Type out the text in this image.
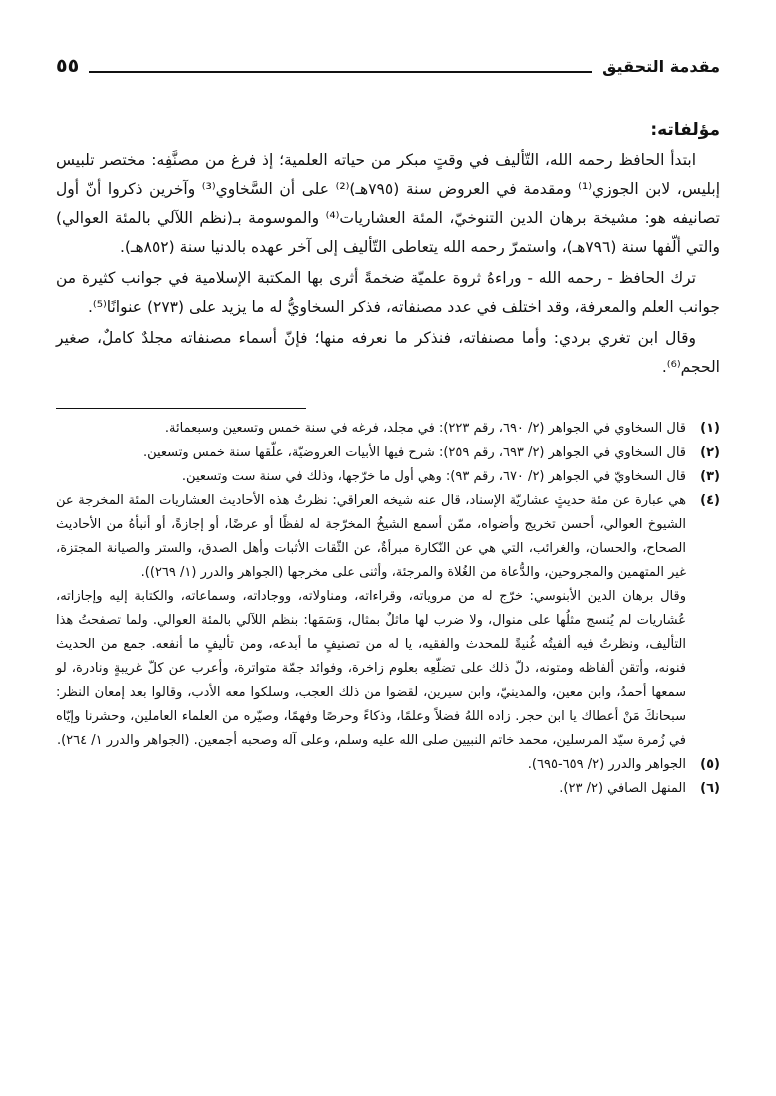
مقدمة التحقيق
٥٥
مؤلفاته:

ابتدأ الحافظ رحمه الله، التّأليف في وقتٍ مبكر من حياته العلمية؛ إذ فرغ من مصنَّفِه: مختصر تلبيس إبليس، لابن الجوزي⁽¹⁾ ومقدمة في العروض سنة (٧٩٥هـ)⁽²⁾ على أن السَّخاوي⁽³⁾ وآخرين ذكروا أنّ أول تصانيفه هو: مشيخة برهان الدين التنوخيّ، المئة العشاريات⁽⁴⁾ والموسومة بـ(نظم اللآلي بالمئة العوالي) والتي ألّفها سنة (٧٩٦هـ)، واستمرّ رحمه الله يتعاطى التّأليف إلى آخر عهده بالدنيا سنة (٨٥٢هـ).

ترك الحافظ - رحمه الله - وراءهُ ثروة علميّة ضخمةً أثرى بها المكتبة الإسلامية في جوانب كثيرة من جوانب العلم والمعرفة، وقد اختلف في عدد مصنفاته، فذكر السخاويُّ له ما يزيد على (٢٧٣) عنوانًا⁽⁵⁾.

وقال ابن تغري بردي: وأما مصنفاته، فنذكر ما نعرفه منها؛ فإنّ أسماء مصنفاته مجلدٌ كاملٌ، صغير الحجم⁽⁶⁾.

(١)

قال السخاوي في الجواهر (٢/ ٦٩٠، رقم ٢٢٣): في مجلد، فرغه في سنة خمس وتسعين وسبعمائة.

(٢)

قال السخاوي في الجواهر (٢/ ٦٩٣، رقم ٢٥٩): شرح فيها الأبيات العروضيّة، علّقها سنة خمس وتسعين.

(٣)

قال السخاويّ في الجواهر (٢/ ٦٧٠، رقم ٩٣): وهي أول ما خرّجها، وذلك في سنة ست وتسعين.

(٤)

هي عبارة عن مئة حديثٍ عشاريّة الإسناد، قال عنه شيخه العراقي: نظرتُ هذه الأحاديث العشاريات المئة المخرجة عن الشيوخ العوالي، أحسن تخريج وأضواه، ممّن أسمع الشيخُ المخرّجة له لفظًا أو عرضًا، أو إجازةً، أو أنبأهُ من الأحاديث الصحاح، والحسان، والغرائب، التي هي عن النّكارة مبرأةٌ، عن الثّقات الأثبات وأهل الصدق، والستر والصيانة المجتزة، غير المتهمين والمجروحين، والدُّعاة من الغُلاة والمرجئة، وأثنى على مخرجها (الجواهر والدرر (١/ ٢٦٩)).

وقال برهان الدين الأبنوسي: خرّج له من مروياته، وقراءاته، ومناولاته، ووجاداته، وسماعاته، والكتابة إليه وإجازاته، عُشاريات لم يُنسج مثلُها على منوال، ولا ضرب لها ماثلٌ بمثال، وَسَمَها: بنظم اللآلي بالمئة العوالي. ولما تصفحتُ هذا التأليف، ونظرتُ فيه ألفيتُه غُنيةً للمحدث والفقيه، يا له من تصنيفٍ ما أبدعه، ومن تأليفٍ ما أنفعه. جمع من الحديث فنونه، وأتقن ألفاظه ومتونه، دلّ ذلك على تضلّعِه بعلوم زاخرة، وفوائد جمّة متواترة، وأعرب عن كلّ غريبةٍ ونادرة، لو سمعها أحمدُ، وابن معين، والمدينيّ، وابن سيرين، لقضوا من ذلك العجب، وسلكوا معه الأدب، وقالوا بعد إمعان النظر: سبحانكَ مَنْ أعطاك يا ابن حجر. زاده اللهُ فضلاً وعلمًا، وذكاءً وحرصًا وفهمًا، وصيّره من العلماء العاملين، وحشرنا وإيّاه في زُمرة سيّد المرسلين، محمد خاتم النبيين صلى الله عليه وسلم، وعلى آله وصحبه أجمعين. (الجواهر والدرر ١/ ٢٦٤).

(٥)

الجواهر والدرر (٢/ ٦٥٩-٦٩٥).

(٦)

المنهل الصافي (٢/ ٢٣).
